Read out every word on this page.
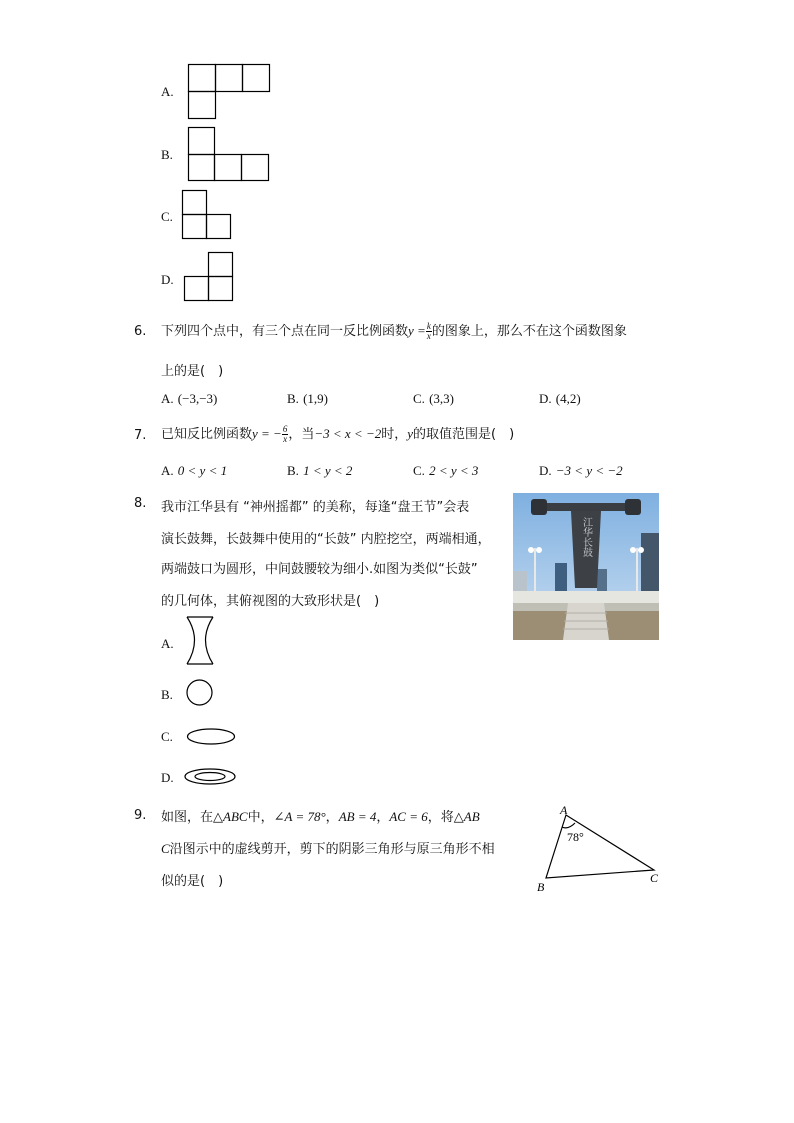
A.
B.
C.
D.
6. 下列四个点中，有三个点在同一反比例函数$y = \frac{k}{x}$ 的图象上，那么不在这个函数图象
上的是(　)
A. (−3,−3)	B. (1,9)	C. (3,3)	D. (4,2)
7. 已知反比例函数y = − $\frac{6}{x}$ ，当−3 < x < −2时，y的取值范围是(　)
A. 0 < y < 1	B. 1 < y < 2	C. 2 < y < 3	D. −3 < y < −2
8. 我市江华县有 “神州摇都” 的美称，每逢“盘王节”会表
演长鼓舞，长鼓舞中使用的“长鼓” 内腔挖空，两端相通，
两端鼓口为圆形，中间鼓腰较为细小.如图为类似“长鼓”
的几何体，其俯视图的大致形状是(　)
江华长鼓
A.
B.
C.
D.
9. 如图，在△ABC中，∠A = 78°，AB = 4，AC = 6，将△AB
C沿图示中的虚线剪开，剪下的阴影三角形与原三角形不相
似的是(　)
A
B
C
78°
